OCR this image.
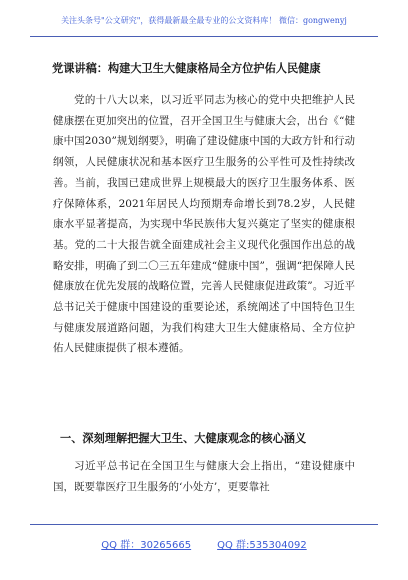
关注头条号"公文研究"，获得最新最全最专业的公文资料库！ 微信：gongwenyj
党课讲稿：构建大卫生大健康格局全方位护佑人民健康

党的十八大以来，以习近平同志为核心的党中央把维护人民健康摆在更加突出的位置，召开全国卫生与健康大会，出台《“健康中国2030”规划纲要》，明确了建设健康中国的大政方针和行动纲领，人民健康状况和基本医疗卫生服务的公平性可及性持续改善。当前，我国已建成世界上规模最大的医疗卫生服务体系、医疗保障体系，2021年居民人均预期寿命增长到78.2岁，人民健康水平显著提高，为实现中华民族伟大复兴奠定了坚实的健康根基。党的二十大报告就全面建成社会主义现代化强国作出总的战略安排，明确了到二〇三五年建成“健康中国”，强调“把保障人民健康放在优先发展的战略位置，完善人民健康促进政策”。习近平总书记关于健康中国建设的重要论述，系统阐述了中国特色卫生与健康发展道路问题，为我们构建大卫生大健康格局、全方位护佑人民健康提供了根本遵循。

一、深刻理解把握大卫生、大健康观念的核心涵义

习近平总书记在全国卫生与健康大会上指出，“建设健康中国，既要靠医疗卫生服务的‘小处方’，更要靠社

QQ 群：30265665	QQ 群:535304092
